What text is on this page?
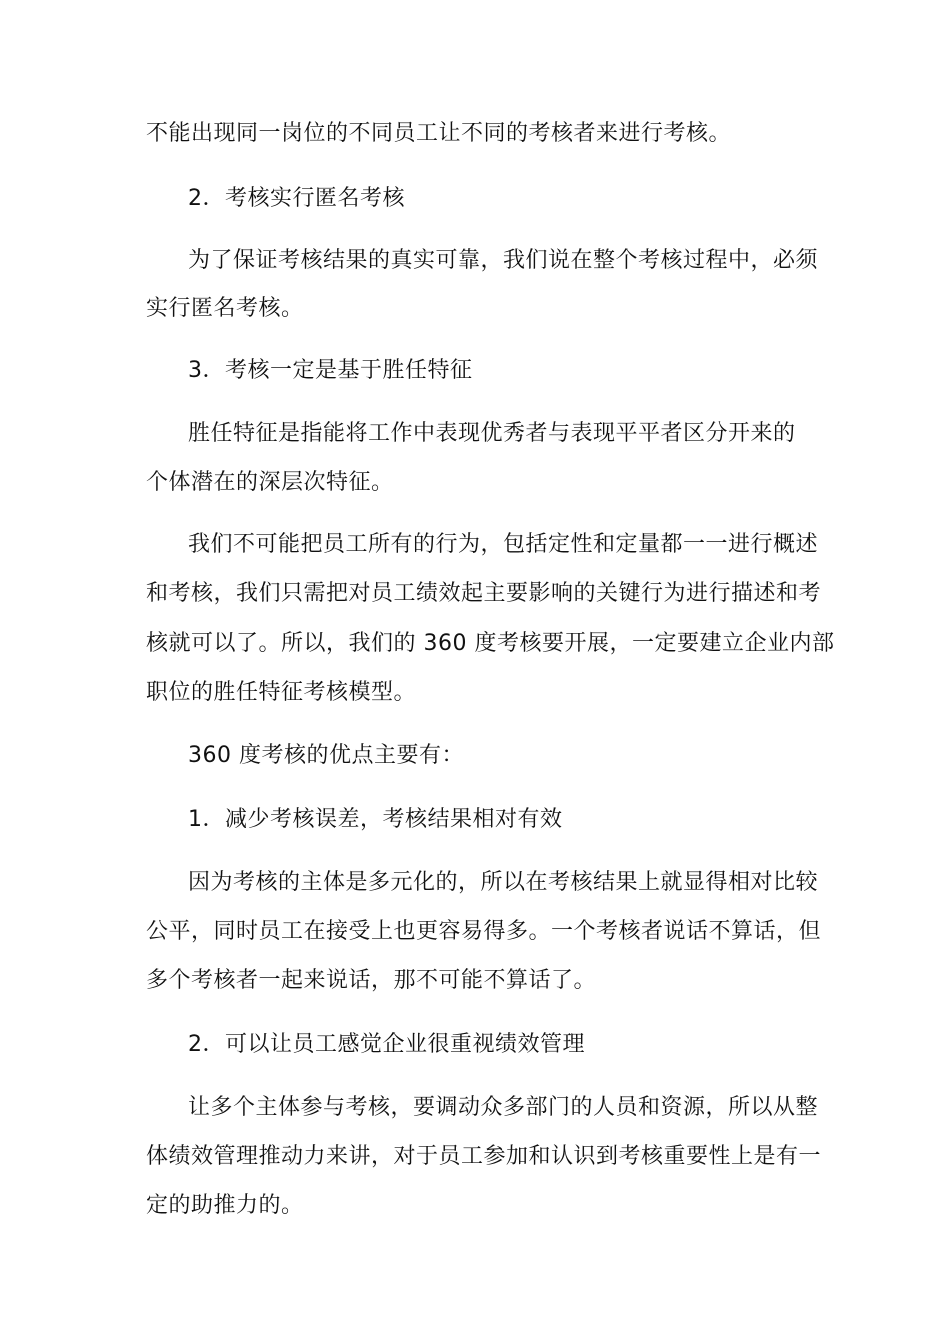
不能出现同一岗位的不同员工让不同的考核者来进行考核。
2．考核实行匿名考核
为了保证考核结果的真实可靠，我们说在整个考核过程中，必须
实行匿名考核。
3．考核一定是基于胜任特征
胜任特征是指能将工作中表现优秀者与表现平平者区分开来的
个体潜在的深层次特征。
我们不可能把员工所有的行为，包括定性和定量都一一进行概述
和考核，我们只需把对员工绩效起主要影响的关键行为进行描述和考
核就可以了。所以，我们的 360 度考核要开展，一定要建立企业内部
职位的胜任特征考核模型。
360 度考核的优点主要有：
1．减少考核误差，考核结果相对有效
因为考核的主体是多元化的，所以在考核结果上就显得相对比较
公平，同时员工在接受上也更容易得多。一个考核者说话不算话，但
多个考核者一起来说话，那不可能不算话了。
2．可以让员工感觉企业很重视绩效管理
让多个主体参与考核，要调动众多部门的人员和资源，所以从整
体绩效管理推动力来讲，对于员工参加和认识到考核重要性上是有一
定的助推力的。
